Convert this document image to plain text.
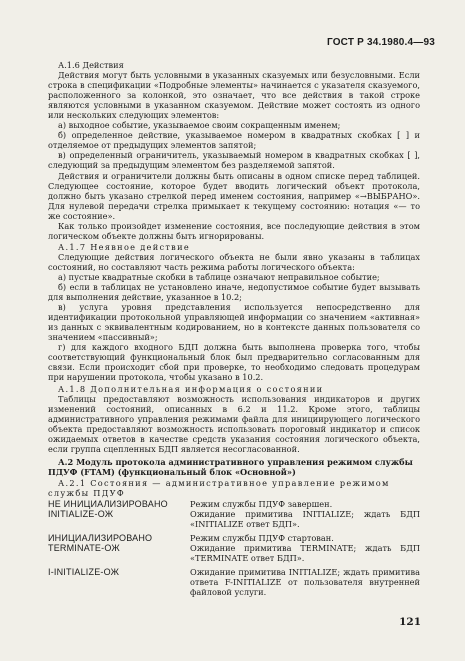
ГОСТ Р 34.1980.4—93
А.1.6 Действия

Действия могут быть условными в указанных сказуемых или безусловными. Если строка в спецификации «Подробные элементы» начинается с указателя сказуемого, расположенного за колонкой, это означает, что все действия в такой строке являются условными в указанном сказуемом. Действие может состоять из одного или нескольких следующих элементов:

а) выходное событие, указываемое своим сокращенным именем;

б) определенное действие, указываемое номером в квадратных скобках [ ] и отделяемое от предыдущих элементов запятой;

в) определенный ограничитель, указываемый номером в квадратных скобках [ ], следующий за предыдущим элементом без разделяемой запятой.

Действия и ограничители должны быть описаны в одном списке перед таблицей. Следующее состояние, которое будет вводить логический объект протокола, должно быть указано стрелкой перед именем состояния, например «→ВЫБРАНО». Для нулевой передачи стрелка примыкает к текущему состоянию: нотация «— то же состояние».

Как только произойдет изменение состояния, все последующие действия в этом логическом объекте должны быть игнорированы.

А.1.7 Неявное действие

Следующие действия логического объекта не были явно указаны в таблицах состояний, но составляют часть режима работы логического объекта:

а) пустые квадратные скобки в таблице означают неправильное событие;

б) если в таблицах не установлено иначе, недопустимое событие будет вызывать для выполнения действие, указанное в 10.2;

в) услуга уровня представления используется непосредственно для идентификации протокольной управляющей информации со значением «активная» из данных с эквивалентным кодированием, но в контексте данных пользователя со значением «пассивный»;

г) для каждого входного БДП должна быть выполнена проверка того, чтобы соответствующий функциональный блок был предварительно согласованным для связи. Если происходит сбой при проверке, то необходимо следовать процедурам при нарушении протокола, чтобы указано в 10.2.

А.1.8 Дополнительная информация о состоянии

Таблицы предоставляют возможность использования индикаторов и других изменений состояний, описанных в 6.2 и 11.2. Кроме этого, таблицы административного управления режимами файла для инициирующего логического объекта предоставляют возможность использовать пороговый индикатор и список ожидаемых ответов в качестве средств указания состояния логического объекта, если группа сцепленных БДП является несогласованной.

А.2 Модуль протокола административного управления режимом службы ПДУФ (FTAM) (функциональный блок «Основной»)
А.2.1 Состояния — административное управление режимом службы ПДУФ
НЕ ИНИЦИАЛИЗИРОВАНО	Режим службы ПДУФ завершен.
INITIALIZE-ОЖ	Ожидание примитива INITIALIZE; ждать БДП «INITIALIZE ответ БДП».
ИНИЦИАЛИЗИРОВАНО	Режим службы ПДУФ стартован.
TERMINATE-ОЖ	Ожидание примитива TERMINATE; ждать БДП «TERMINATE ответ БДП».
I-INITIALIZE-ОЖ	Ожидание примитива INITIALIZE; ждать примитива ответа F-INITIALIZE от пользователя внутренней файловой услуги.
121
